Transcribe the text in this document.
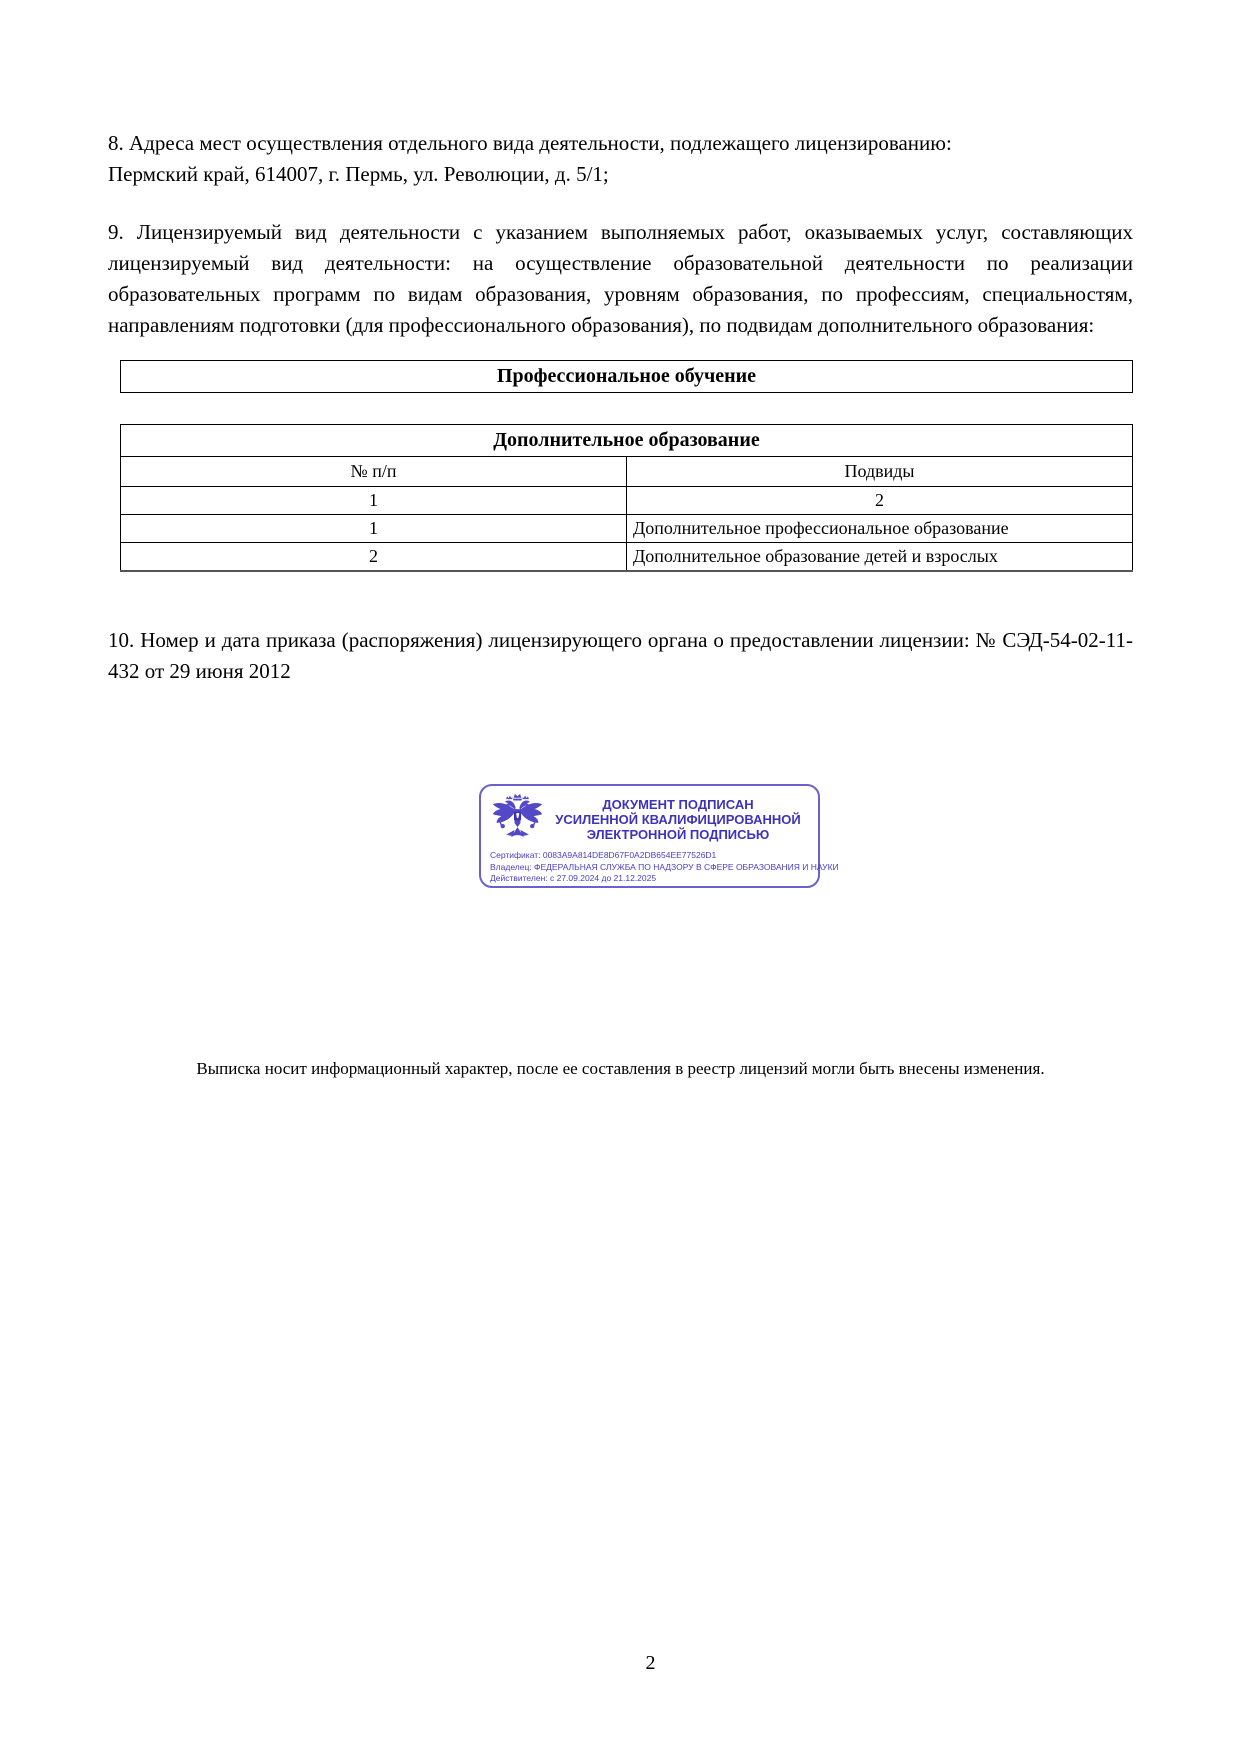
8. Адреса мест осуществления отдельного вида деятельности, подлежащего лицензированию:
Пермский край, 614007, г. Пермь, ул. Революции, д. 5/1;

9. Лицензируемый вид деятельности с указанием выполняемых работ, оказываемых услуг, составляющих лицензируемый вид деятельности: на осуществление образовательной деятельности по реализации образовательных программ по видам образования, уровням образования, по профессиям, специальностям, направлениям подготовки (для профессионального образования), по подвидам дополнительного образования:

Профессиональное обучение
Дополнительное образование	
№ п/п	Подвиды
1	2
1	Дополнительное профессиональное образование
2	Дополнительное образование детей и взрослых

10. Номер и дата приказа (распоряжения) лицензирующего органа о предоставлении лицензии: № СЭД-54-02-11-432 от 29 июня 2012

ДОКУМЕНТ ПОДПИСАН
УСИЛЕННОЙ КВАЛИФИЦИРОВАННОЙ
ЭЛЕКТРОННОЙ ПОДПИСЬЮ
Сертификат: 0083A9A814DE8D67F0A2DB654EE77526D1
Владелец: ФЕДЕРАЛЬНАЯ СЛУЖБА ПО НАДЗОРУ В СФЕРЕ ОБРАЗОВАНИЯ И НАУКИ
Действителен: с 27.09.2024 до 21.12.2025
Выписка носит информационный характер, после ее составления в реестр лицензий могли быть внесены изменения.
2
